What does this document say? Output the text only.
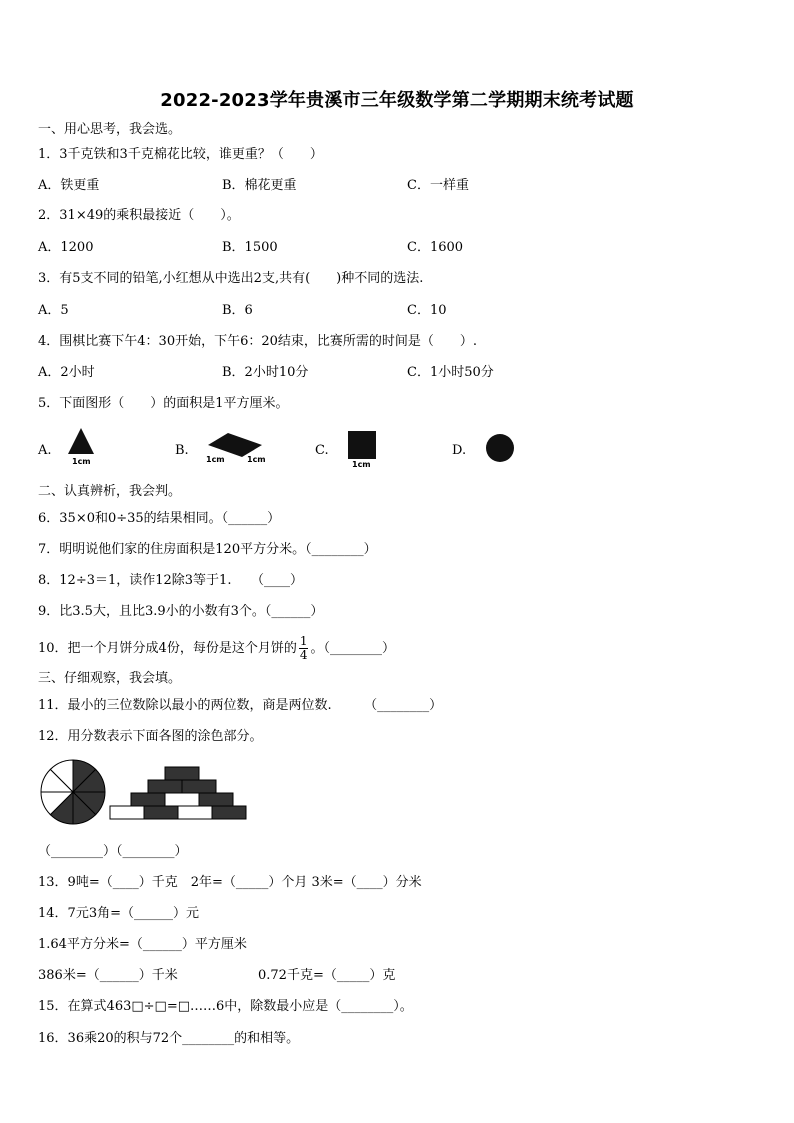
2022-2023学年贵溪市三年级数学第二学期期末统考试题
一、用心思考，我会选。
1．3千克铁和3千克棉花比较，谁更重？（　　）
A．铁更重	B．棉花更重	C．一样重
2．31×49的乘积最接近（　　）。
A．1200	B．1500	C．1600
3．有5支不同的铅笔,小红想从中选出2支,共有(　　)种不同的选法.
A．5	B．6	C．10
4．围棋比赛下午4：30开始，下午6：20结束，比赛所需的时间是（　　）.
A．2小时	B．2小时10分	C．1小时50分
5．下面图形（　　）的面积是1平方厘米。
A.
1cm
B.
1cm	1cm
C.
1cm
D.
二、认真辨析，我会判。
6．35×0和0÷35的结果相同。（______）
7．明明说他们家的住房面积是120平方分米。（________）
8．12÷3＝1，读作12除3等于1.　　（____）
9．比3.5大，且比3.9小的小数有3个。（______）
10．把一个月饼分成4份，每份是这个月饼的 $\frac{1}{4}$ 。（________）
三、仔细观察，我会填。
11．最小的三位数除以最小的两位数，商是两位数.　　　（________）
12．用分数表示下面各图的涂色部分。
（________）（________）
13．9吨=（____）千克　2年=（_____）个月 3米=（____）分米
14．7元3角=（______）元
1.64平方分米=（______）平方厘米
386米=（______）千米	0.72千克=（_____）克
15．在算式463□÷□=□……6中，除数最小应是（________）。
16．36乘20的积与72个________的和相等。
